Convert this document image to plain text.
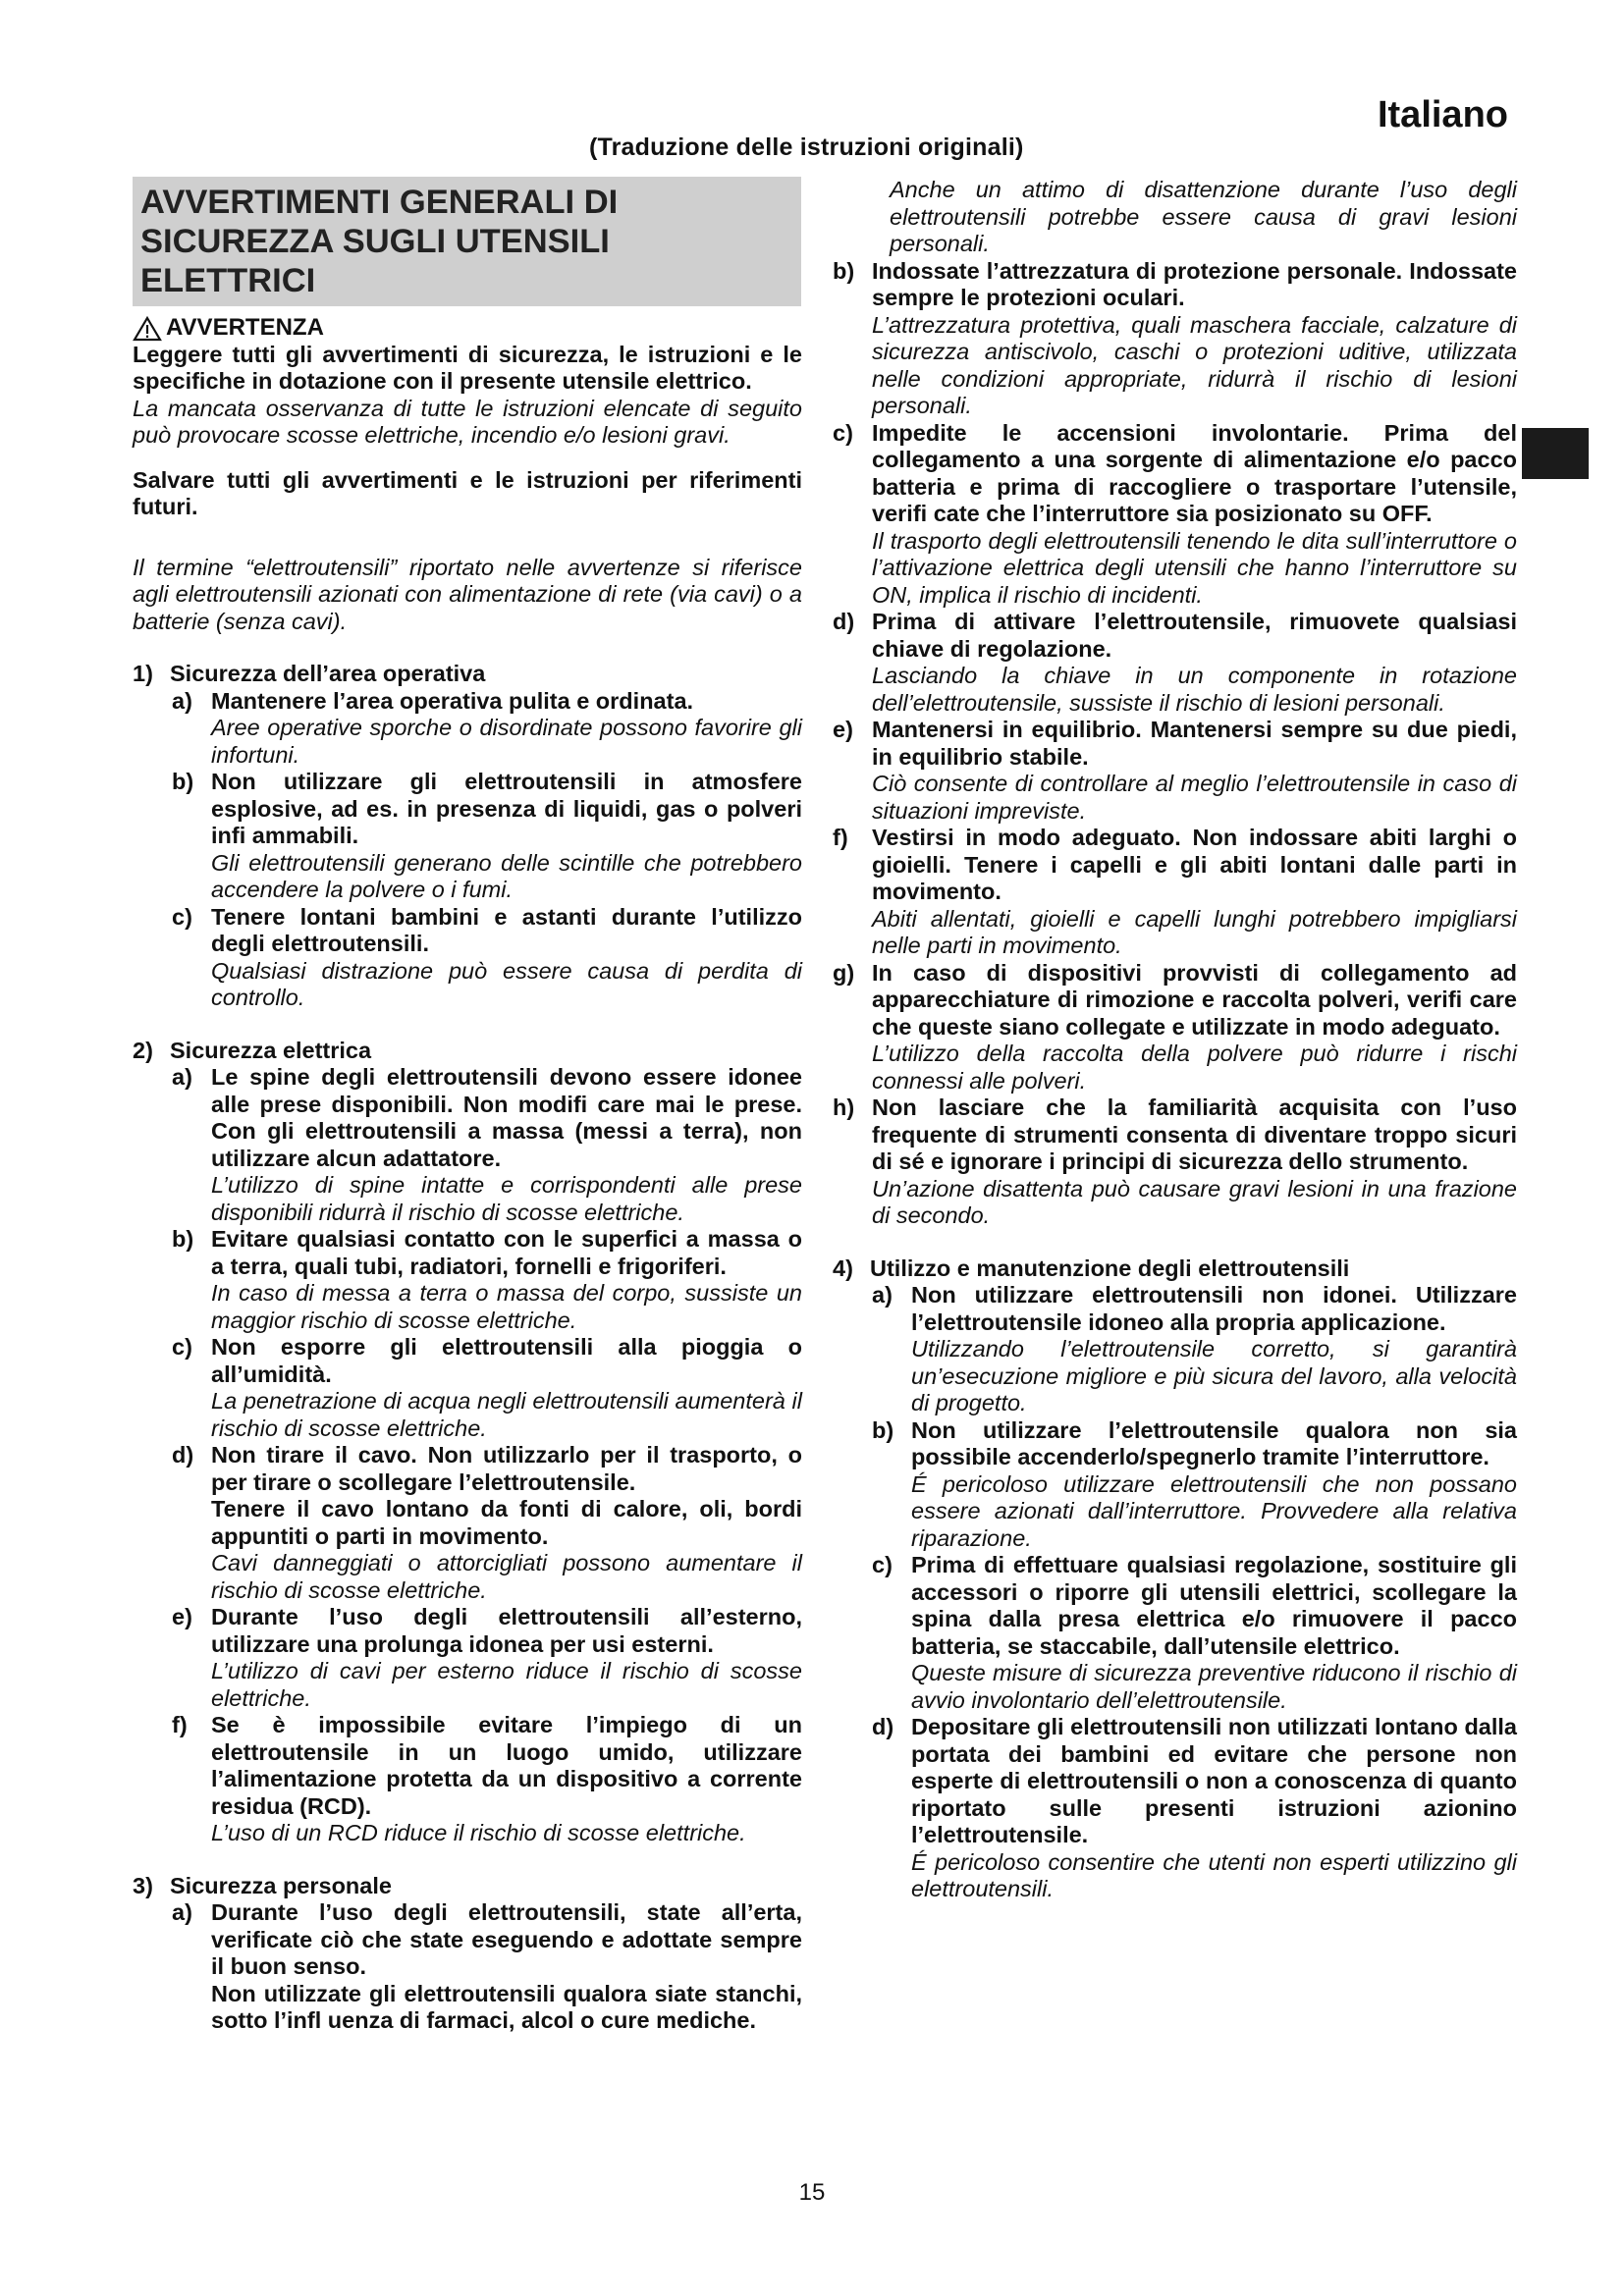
Italiano
(Traduzione delle istruzioni originali)
AVVERTIMENTI GENERALI DI
SICUREZZA SUGLI UTENSILI
ELETTRICI
AVVERTENZA

Leggere tutti gli avvertimenti di sicurezza, le istruzioni e le specifiche in dotazione con il presente utensile elettrico.

La mancata osservanza di tutte le istruzioni elencate di seguito può provocare scosse elettriche, incendio e/o lesioni gravi.

Salvare tutti gli avvertimenti e le istruzioni per riferimenti futuri.

Il termine “elettroutensili” riportato nelle avvertenze si riferisce agli elettroutensili azionati con alimentazione di rete (via cavi) o a batterie (senza cavi).

1) Sicurezza dell’area operativa
a) Mantenere l’area operativa pulita e ordinata.

Aree operative sporche o disordinate possono favorire gli infortuni.

b) Non utilizzare gli elettroutensili in atmosfere esplosive, ad es. in presenza di liquidi, gas o polveri infi ammabili.

Gli elettroutensili generano delle scintille che potrebbero accendere la polvere o i fumi.

c) Tenere lontani bambini e astanti durante l’utilizzo degli elettroutensili.

Qualsiasi distrazione può essere causa di perdita di controllo.

2) Sicurezza elettrica
a) Le spine degli elettroutensili devono essere idonee alle prese disponibili. Non modifi care mai le prese. Con gli elettroutensili a massa (messi a terra), non utilizzare alcun adattatore.

L’utilizzo di spine intatte e corrispondenti alle prese disponibili ridurrà il rischio di scosse elettriche.

b) Evitare qualsiasi contatto con le superfici a massa o a terra, quali tubi, radiatori, fornelli e frigoriferi.

In caso di messa a terra o massa del corpo, sussiste un maggior rischio di scosse elettriche.

c) Non esporre gli elettroutensili alla pioggia o all’umidità.

La penetrazione di acqua negli elettroutensili aumenterà il rischio di scosse elettriche.

d) Non tirare il cavo. Non utilizzarlo per il trasporto, o per tirare o scollegare l’elettroutensile.

Tenere il cavo lontano da fonti di calore, oli, bordi appuntiti o parti in movimento.

Cavi danneggiati o attorcigliati possono aumentare il rischio di scosse elettriche.

e) Durante l’uso degli elettroutensili all’esterno, utilizzare una prolunga idonea per usi esterni.

L’utilizzo di cavi per esterno riduce il rischio di scosse elettriche.

f)	Se è impossibile evitare l’impiego di un elettroutensile in un luogo umido, utilizzare l’alimentazione protetta da un dispositivo a corrente residua (RCD).

L’uso di un RCD riduce il rischio di scosse elettriche.

3) Sicurezza personale
a) Durante l’uso degli elettroutensili, state all’erta, verificate ciò che state eseguendo e adottate sempre il buon senso.

Non utilizzate gli elettroutensili qualora siate stanchi, sotto l’infl uenza di farmaci, alcol o cure mediche.

Anche un attimo di disattenzione durante l’uso degli elettroutensili potrebbe essere causa di gravi lesioni personali.

b) Indossate l’attrezzatura di protezione personale. Indossate sempre le protezioni oculari.

L’attrezzatura protettiva, quali maschera facciale, calzature di sicurezza antiscivolo, caschi o protezioni uditive, utilizzata nelle condizioni appropriate, ridurrà il rischio di lesioni personali.

c) Impedite le accensioni involontarie. Prima del collegamento a una sorgente di alimentazione e/o pacco batteria e prima di raccogliere o trasportare l’utensile, verifi cate che l’interruttore sia posizionato su OFF.

Il trasporto degli elettroutensili tenendo le dita sull’interruttore o l’attivazione elettrica degli utensili che hanno l’interruttore su ON, implica il rischio di incidenti.

d) Prima di attivare l’elettroutensile, rimuovete qualsiasi chiave di regolazione.

Lasciando la chiave in un componente in rotazione dell’elettroutensile, sussiste il rischio di lesioni personali.

e) Mantenersi in equilibrio. Mantenersi sempre su due piedi, in equilibrio stabile.

Ciò consente di controllare al meglio l’elettroutensile in caso di situazioni impreviste.

f)	Vestirsi in modo adeguato. Non indossare abiti larghi o gioielli. Tenere i capelli e gli abiti lontani dalle parti in movimento.

Abiti allentati, gioielli e capelli lunghi potrebbero impigliarsi nelle parti in movimento.

g) In caso di dispositivi provvisti di collegamento ad apparecchiature di rimozione e raccolta polveri, verifi care che queste siano collegate e utilizzate in modo adeguato.

L’utilizzo della raccolta della polvere può ridurre i rischi connessi alle polveri.

h) Non lasciare che la familiarità acquisita con l’uso frequente di strumenti consenta di diventare troppo sicuri di sé e ignorare i principi di sicurezza dello strumento.

Un’azione disattenta può causare gravi lesioni in una frazione di secondo.

4) Utilizzo e manutenzione degli elettroutensili
a) Non utilizzare elettroutensili non idonei. Utilizzare l’elettroutensile idoneo alla propria applicazione.

Utilizzando l’elettroutensile corretto, si garantirà un’esecuzione migliore e più sicura del lavoro, alla velocità di progetto.

b) Non utilizzare l’elettroutensile qualora non sia possibile accenderlo/spegnerlo tramite l’interruttore.

É pericoloso utilizzare elettroutensili che non possano essere azionati dall’interruttore. Provvedere alla relativa riparazione.

c) Prima di effettuare qualsiasi regolazione, sostituire gli accessori o riporre gli utensili elettrici, scollegare la spina dalla presa elettrica e/o rimuovere il pacco batteria, se staccabile, dall’utensile elettrico.

Queste misure di sicurezza preventive riducono il rischio di avvio involontario dell’elettroutensile.

d) Depositare gli elettroutensili non utilizzati lontano dalla portata dei bambini ed evitare che persone non esperte di elettroutensili o non a conoscenza di quanto riportato sulle presenti istruzioni azionino l’elettroutensile.

É pericoloso consentire che utenti non esperti utilizzino gli elettroutensili.

15
